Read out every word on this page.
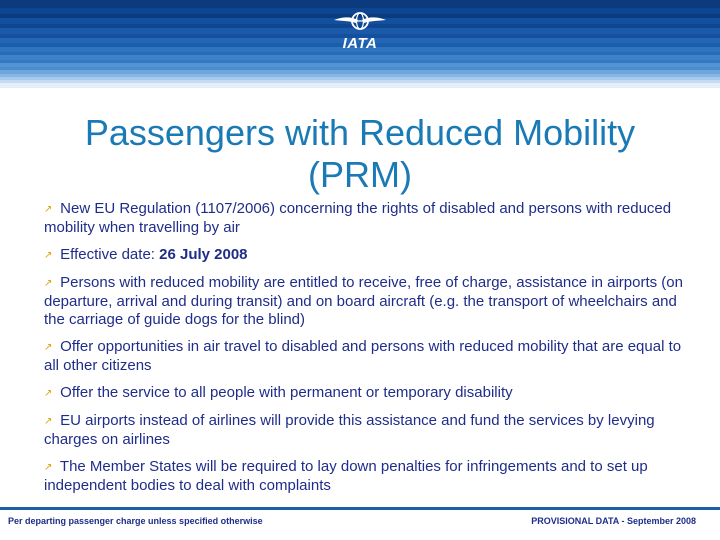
IATA
Passengers with Reduced Mobility (PRM)
↗ New EU Regulation (1107/2006) concerning the rights of disabled and persons with reduced mobility when travelling by air
↗ Effective date: 26 July 2008
↗ Persons with reduced mobility are entitled to receive, free of charge, assistance in airports (on departure, arrival and during transit) and on board aircraft (e.g. the transport of wheelchairs and the carriage of guide dogs for the blind)
↗ Offer opportunities in air travel to disabled and persons with reduced mobility that are equal to all other citizens
↗ Offer the service to all people with permanent or temporary disability
↗ EU airports instead of airlines will provide this assistance and fund the services by levying charges on airlines
↗ The Member States will be required to lay down penalties for infringements and to set up independent bodies to deal with complaints
Per departing passenger charge unless specified otherwise	PROVISIONAL DATA - September 2008
